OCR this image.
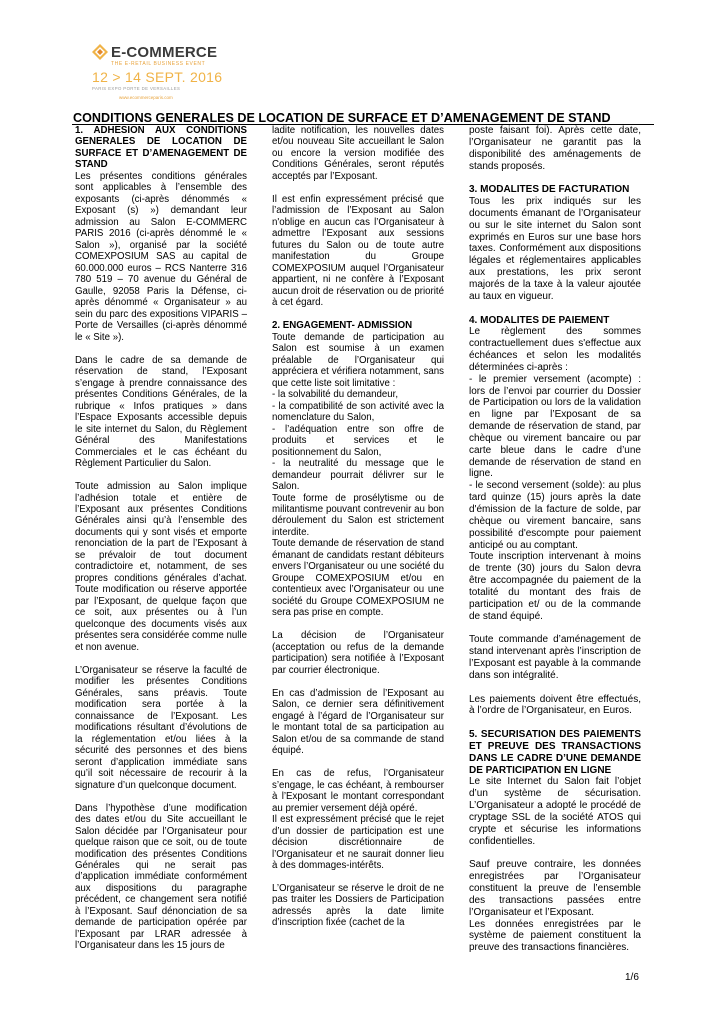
E-COMMERCE
THE E-RETAIL BUSINESS EVENT
12 > 14 SEPT. 2016
PARIS EXPO PORTE DE VERSAILLES
www.ecommerceparis.com
CONDITIONS GENERALES DE LOCATION DE SURFACE ET D’AMENAGEMENT DE STAND
1. ADHESION AUX CONDITIONS GENERALES DE LOCATION DE SURFACE ET D’AMENAGEMENT DE STAND

Les présentes conditions générales sont applicables à l’ensemble des exposants (ci-après dénommés « Exposant (s) ») demandant leur admission au Salon E-COMMERC PARIS 2016 (ci-après dénommé le « Salon »), organisé par la société COMEXPOSIUM SAS au capital de 60.000.000 euros – RCS Nanterre 316 780 519 – 70 avenue du Général de Gaulle, 92058 Paris la Défense, ci-après dénommé « Organisateur » au sein du parc des expositions VIPARIS – Porte de Versailles (ci-après dénommé le « Site »).

Dans le cadre de sa demande de réservation de stand, l’Exposant s’engage à prendre connaissance des présentes Conditions Générales, de la rubrique « Infos pratiques » dans l’Espace Exposants accessible depuis le site internet du Salon, du Règlement Général des Manifestations Commerciales et le cas échéant du Règlement Particulier du Salon.

Toute admission au Salon implique l’adhésion totale et entière de l’Exposant aux présentes Conditions Générales ainsi qu’à l’ensemble des documents qui y sont visés et emporte renonciation de la part de l’Exposant à se prévaloir de tout document contradictoire et, notamment, de ses propres conditions générales d’achat. Toute modification ou réserve apportée par l’Exposant, de quelque façon que ce soit, aux présentes ou à l’un quelconque des documents visés aux présentes sera considérée comme nulle et non avenue.

L’Organisateur se réserve la faculté de modifier les présentes Conditions Générales, sans préavis. Toute modification sera portée à la connaissance de l’Exposant. Les modifications résultant d’évolutions de la réglementation et/ou liées à la sécurité des personnes et des biens seront d’application immédiate sans qu’il soit nécessaire de recourir à la signature d’un quelconque document.

Dans l’hypothèse d’une modification des dates et/ou du Site accueillant le Salon décidée par l’Organisateur pour quelque raison que ce soit, ou de toute modification des présentes Conditions Générales qui ne serait pas d’application immédiate conformément aux dispositions du paragraphe précédent, ce changement sera notifié à l’Exposant. Sauf dénonciation de sa demande de participation opérée par l’Exposant par LRAR adressée à l’Organisateur dans les 15 jours de

ladite notification, les nouvelles dates et/ou nouveau Site accueillant le Salon ou encore la version modifiée des Conditions Générales, seront réputés acceptés par l’Exposant.

Il est enfin expressément précisé que l’admission de l’Exposant au Salon n'oblige en aucun cas l’Organisateur à admettre l’Exposant aux sessions futures du Salon ou de toute autre manifestation du Groupe COMEXPOSIUM auquel l’Organisateur appartient, ni ne confère à l’Exposant aucun droit de réservation ou de priorité à cet égard.

2. ENGAGEMENT- ADMISSION

Toute demande de participation au Salon est soumise à un examen préalable de l’Organisateur qui appréciera et vérifiera notamment, sans que cette liste soit limitative :

- la solvabilité du demandeur,
- la compatibilité de son activité avec la nomenclature du Salon,
- l’adéquation entre son offre de produits et services et le positionnement du Salon,
- la neutralité du message que le demandeur pourrait délivrer sur le Salon.

Toute forme de prosélytisme ou de militantisme pouvant contrevenir au bon déroulement du Salon est strictement interdite.

Toute demande de réservation de stand émanant de candidats restant débiteurs envers l’Organisateur ou une société du Groupe COMEXPOSIUM et/ou en contentieux avec l’Organisateur ou une société du Groupe COMEXPOSIUM ne sera pas prise en compte.

La décision de l’Organisateur (acceptation ou refus de la demande participation) sera notifiée à l’Exposant par courrier électronique.

En cas d’admission de l’Exposant au Salon, ce dernier sera définitivement engagé à l’égard de l’Organisateur sur le montant total de sa participation au Salon et/ou de sa commande de stand équipé.

En cas de refus, l’Organisateur s’engage, le cas échéant, à rembourser à l’Exposant le montant correspondant au premier versement déjà opéré.

Il est expressément précisé que le rejet d’un dossier de participation est une décision discrétionnaire de l’Organisateur et ne saurait donner lieu à des dommages-intérêts.

L’Organisateur se réserve le droit de ne pas traiter les Dossiers de Participation adressés après la date limite d’inscription fixée (cachet de la

poste faisant foi). Après cette date, l’Organisateur ne garantit pas la disponibilité des aménagements de stands proposés.

3. MODALITES DE FACTURATION

Tous les prix indiqués sur les documents émanant de l’Organisateur ou sur le site internet du Salon sont exprimés en Euros sur une base hors taxes. Conformément aux dispositions légales et réglementaires applicables aux prestations, les prix seront majorés de la taxe à la valeur ajoutée au taux en vigueur.

4. MODALITES DE PAIEMENT

Le règlement des sommes contractuellement dues s'effectue aux échéances et selon les modalités déterminées ci-après :

- le premier versement (acompte) : lors de l’envoi par courrier du Dossier de Participation ou lors de la validation en ligne par l’Exposant de sa demande de réservation de stand, par chèque ou virement bancaire ou par carte bleue dans le cadre d’une demande de réservation de stand en ligne.

- le second versement (solde): au plus tard quinze (15) jours après la date d'émission de la facture de solde, par chèque ou virement bancaire, sans possibilité d'escompte pour paiement anticipé ou au comptant.

Toute inscription intervenant à moins de trente (30) jours du Salon devra être accompagnée du paiement de la totalité du montant des frais de participation et/ ou de la commande de stand équipé.

Toute commande d’aménagement de stand intervenant après l’inscription de l’Exposant est payable à la commande dans son intégralité.

Les paiements doivent être effectués, à l’ordre de l’Organisateur, en Euros.

5. SECURISATION DES PAIEMENTS ET PREUVE DES TRANSACTIONS DANS LE CADRE D’UNE DEMANDE DE PARTICIPATION EN LIGNE

Le site Internet du Salon fait l’objet d’un système de sécurisation. L’Organisateur a adopté le procédé de cryptage SSL de la société ATOS qui crypte et sécurise les informations confidentielles.

Sauf preuve contraire, les données enregistrées par l’Organisateur constituent la preuve de l’ensemble des transactions passées entre l’Organisateur et l’Exposant.

Les données enregistrées par le système de paiement constituent la preuve des transactions financières.

1/6
